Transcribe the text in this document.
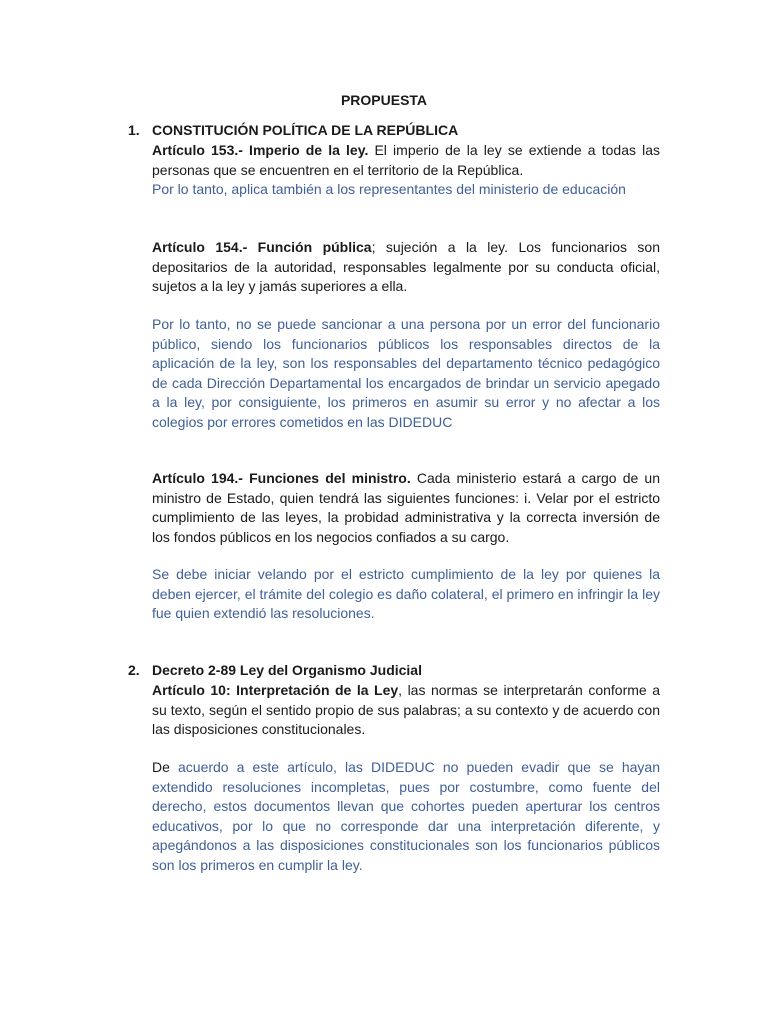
PROPUESTA
1. CONSTITUCIÓN POLÍTICA DE LA REPÚBLICA
Artículo 153.- Imperio de la ley. El imperio de la ley se extiende a todas las personas que se encuentren en el territorio de la República.
Por lo tanto, aplica también a los representantes del ministerio de educación
Artículo 154.- Función pública; sujeción a la ley. Los funcionarios son depositarios de la autoridad, responsables legalmente por su conducta oficial, sujetos a la ley y jamás superiores a ella.
Por lo tanto, no se puede sancionar a una persona por un error del funcionario público, siendo los funcionarios públicos los responsables directos de la aplicación de la ley, son los responsables del departamento técnico pedagógico de cada Dirección Departamental los encargados de brindar un servicio apegado a la ley, por consiguiente, los primeros en asumir su error y no afectar a los colegios por errores cometidos en las DIDEDUC
Artículo 194.- Funciones del ministro. Cada ministerio estará a cargo de un ministro de Estado, quien tendrá las siguientes funciones: i. Velar por el estricto cumplimiento de las leyes, la probidad administrativa y la correcta inversión de los fondos públicos en los negocios confiados a su cargo.
Se debe iniciar velando por el estricto cumplimiento de la ley por quienes la deben ejercer, el trámite del colegio es daño colateral, el primero en infringir la ley fue quien extendió las resoluciones.
2. Decreto 2-89 Ley del Organismo Judicial
Artículo 10: Interpretación de la Ley, las normas se interpretarán conforme a su texto, según el sentido propio de sus palabras; a su contexto y de acuerdo con las disposiciones constitucionales.
De acuerdo a este artículo, las DIDEDUC no pueden evadir que se hayan extendido resoluciones incompletas, pues por costumbre, como fuente del derecho, estos documentos llevan que cohortes pueden aperturar los centros educativos, por lo que no corresponde dar una interpretación diferente, y apegándonos a las disposiciones constitucionales son los funcionarios públicos son los primeros en cumplir la ley.
